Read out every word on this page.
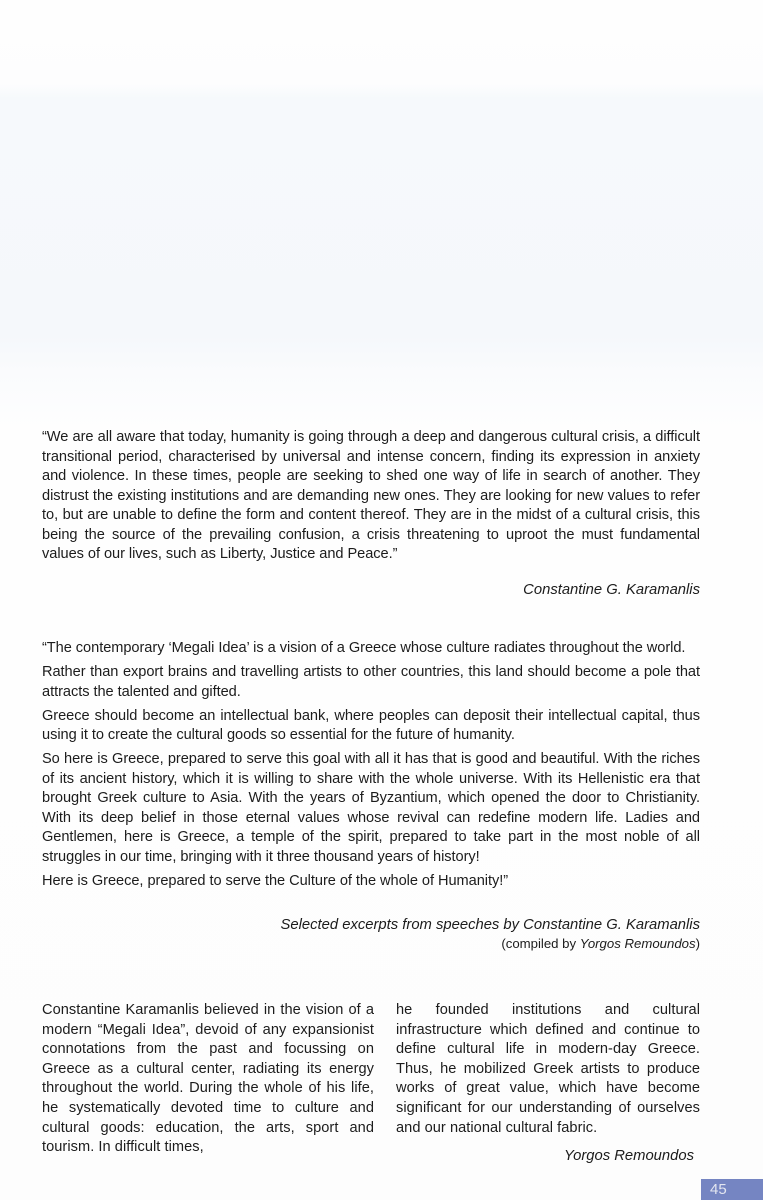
“We are all aware that today, humanity is going through a deep and dangerous cultural crisis, a difficult transitional period, characterised by universal and intense concern, finding its expression in anxiety and violence. In these times, people are seeking to shed one way of life in search of another. They distrust the existing institutions and are demanding new ones. They are looking for new values to refer to, but are unable to define the form and content thereof. They are in the midst of a cultural crisis, this being the source of the prevailing confusion, a crisis threatening to uproot the must fundamental values of our lives, such as Liberty, Justice and Peace.”

Constantine G. Karamanlis

“The contemporary ‘Megali Idea’ is a vision of a Greece whose culture radiates throughout the world.

Rather than export brains and travelling artists to other countries, this land should become a pole that attracts the talented and gifted.

Greece should become an intellectual bank, where peoples can deposit their intellectual capital, thus using it to create the cultural goods so essential for the future of humanity.

So here is Greece, prepared to serve this goal with all it has that is good and beautiful. With the riches of its ancient history, which it is willing to share with the whole universe. With its Hellenistic era that brought Greek culture to Asia. With the years of Byzantium, which opened the door to Christianity. With its deep belief in those eternal values whose revival can redefine modern life. Ladies and Gentlemen, here is Greece, a temple of the spirit, prepared to take part in the most noble of all struggles in our time, bringing with it three thousand years of history!

Here is Greece, prepared to serve the Culture of the whole of Humanity!”

Selected excerpts from speeches by Constantine G. Karamanlis
(compiled by Yorgos Remoundos)

Constantine Karamanlis believed in the vision of a modern “Megali Idea”, devoid of any expansionist connotations from the past and focussing on Greece as a cultural center, radiating its energy throughout the world. During the whole of his life, he systematically devoted time to culture and cultural goods: education, the arts, sport and tourism. In difficult times,

he founded institutions and cultural infrastructure which defined and continue to define cultural life in modern-day Greece. Thus, he mobilized Greek artists to produce works of great value, which have become significant for our understanding of ourselves and our national cultural fabric.

Yorgos Remoundos
45
